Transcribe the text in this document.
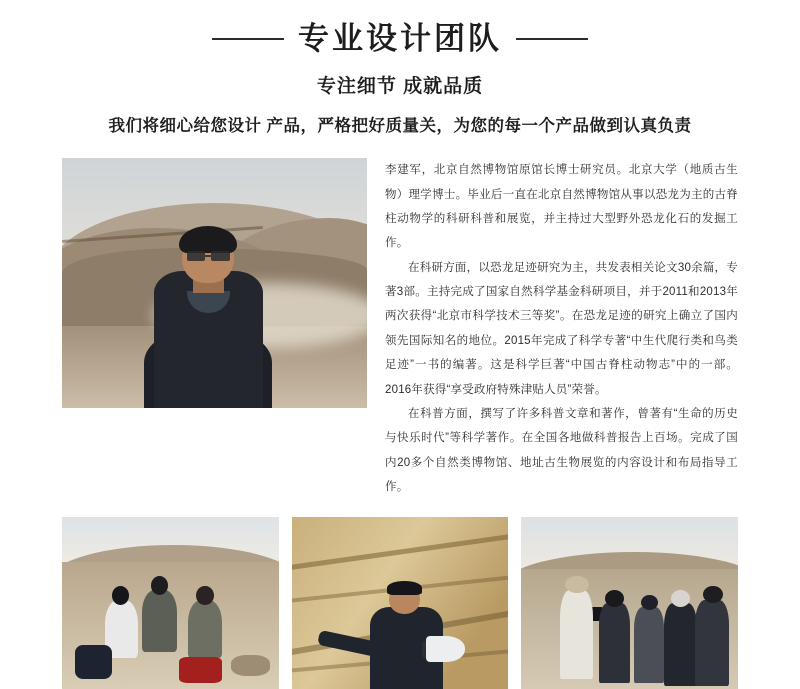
专业设计团队
专注细节 成就品质
我们将细心给您设计 产品，严格把好质量关，为您的每一个产品做到认真负责

李建军，北京自然博物馆原馆长博士研究员。北京大学（地质古生物）理学博士。毕业后一直在北京自然博物馆从事以恐龙为主的古脊柱动物学的科研科普和展览，并主持过大型野外恐龙化石的发掘工作。

在科研方面，以恐龙足迹研究为主，共发表相关论文30余篇，专著3部。主持完成了国家自然科学基金科研项目，并于2011和2013年两次获得“北京市科学技术三等奖”。在恐龙足迹的研究上确立了国内领先国际知名的地位。2015年完成了科学专著“中生代爬行类和鸟类足迹”一书的编著。这是科学巨著“中国古脊柱动物志”中的一部。2016年获得“享受政府特殊津贴人员”荣誉。

在科普方面，撰写了许多科普文章和著作，曾著有“生命的历史与快乐时代”等科学著作。在全国各地做科普报告上百场。完成了国内20多个自然类博物馆、地址古生物展览的内容设计和布局指导工作。
